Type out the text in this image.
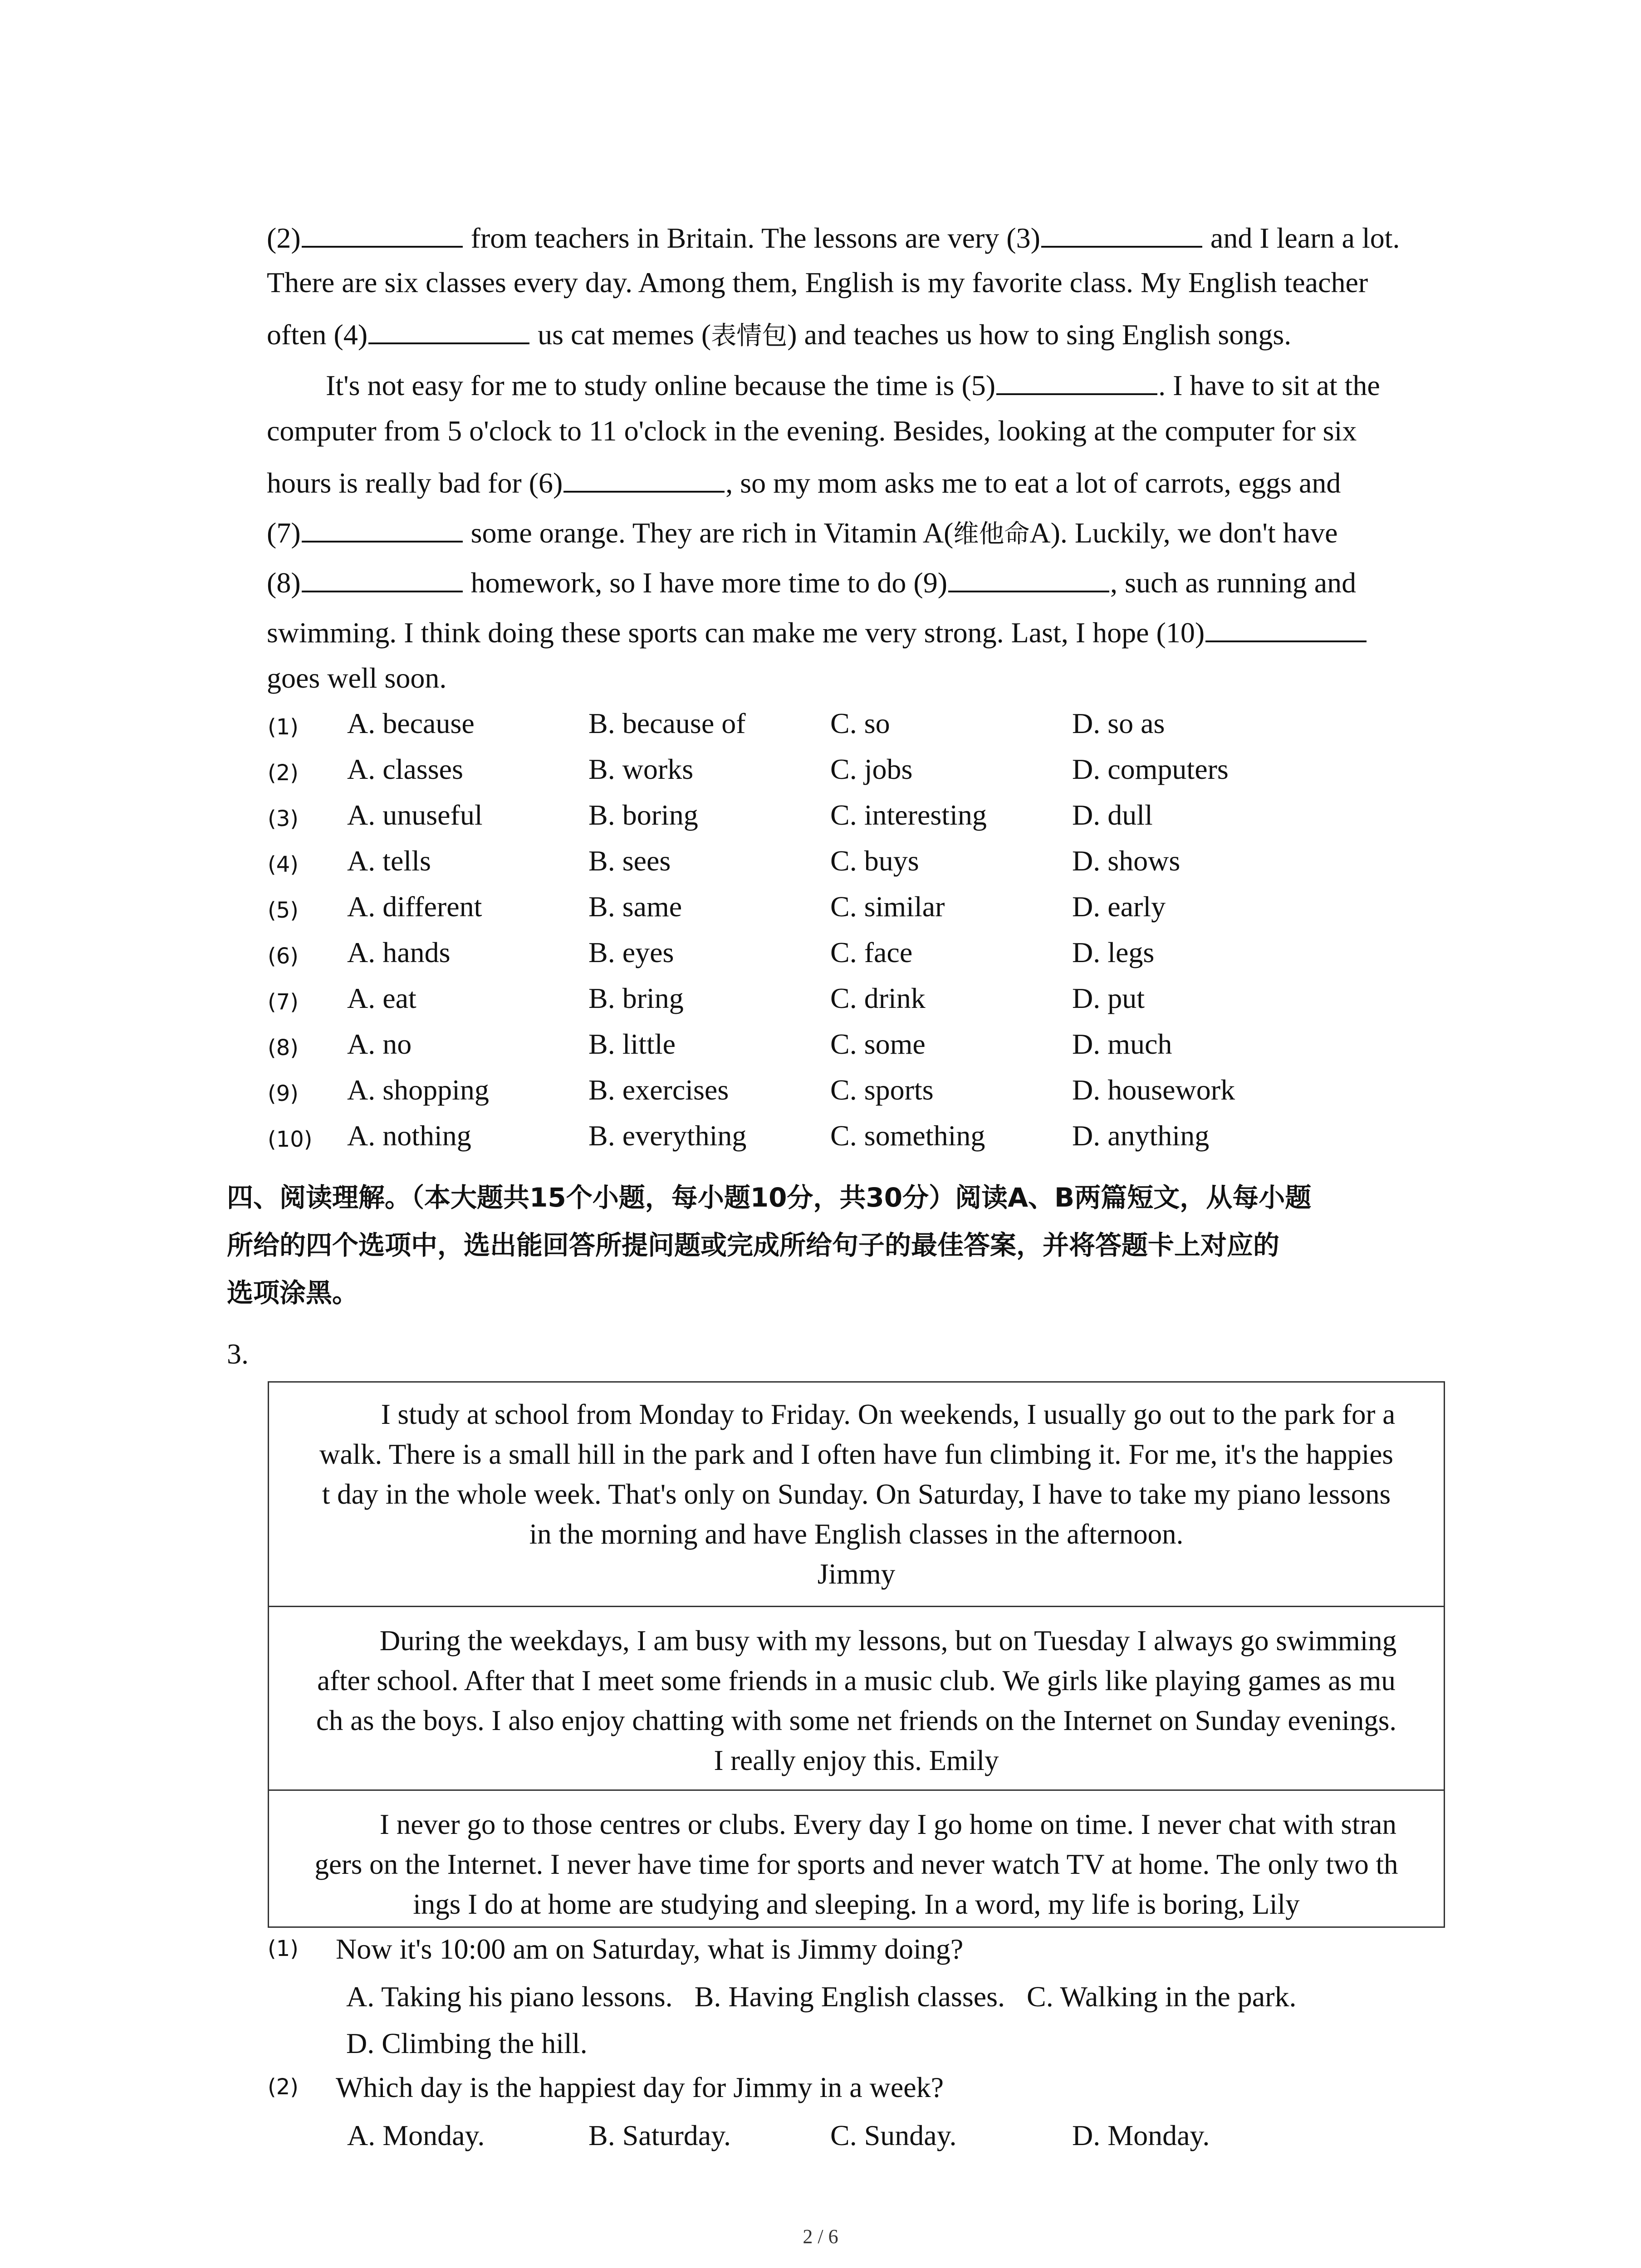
(2)	from teachers in Britain. The lessons are very (3)	and I learn a lot.
There are six classes every day. Among them, English is my favorite class. My English teacher
often (4)	us cat memes (表情包) and teaches us how to sing English songs.
It's not easy for me to study online because the time is (5)	. I have to sit at the
computer from 5 o'clock to 11 o'clock in the evening. Besides, looking at the computer for six
hours is really bad for (6)	, so my mom asks me to eat a lot of carrots, eggs and
(7)	some orange. They are rich in Vitamin A(维他命A). Luckily, we don't have
(8)	homework, so I have more time to do (9)	, such as running and
swimming. I think doing these sports can make me very strong. Last, I hope (10)
goes well soon.
(1) A. because	B. because of	C. so	D. so as
(2) A. classes	B. works	C. jobs	D. computers
(3) A. unuseful	B. boring	C. interesting	D. dull
(4) A. tells	B. sees	C. buys	D. shows
(5) A. different	B. same	C. similar	D. early
(6) A. hands	B. eyes	C. face	D. legs
(7) A. eat	B. bring	C. drink	D. put
(8) A. no	B. little	C. some	D. much
(9) A. shopping	B. exercises	C. sports	D. housework
(10) A. nothing	B. everything	C. something	D. anything
四、阅读理解。（本大题共15个小题，每小题10分，共30分）阅读A、B两篇短文，从每小题
所给的四个选项中，选出能回答所提问题或完成所给句子的最佳答案，并将答题卡上对应的
选项涂黑。
3.
I study at school from Monday to Friday. On weekends, I usually go out to the park for a
walk. There is a small hill in the park and I often have fun climbing it. For me, it's the happies
t day in the whole week. That's only on Sunday. On Saturday, I have to take my piano lessons
in the morning and have English classes in the afternoon.
Jimmy
During the weekdays, I am busy with my lessons, but on Tuesday I always go swimming
after school. After that I meet some friends in a music club. We girls like playing games as mu
ch as the boys. I also enjoy chatting with some net friends on the Internet on Sunday evenings.
I really enjoy this. Emily
I never go to those centres or clubs. Every day I go home on time. I never chat with stran
gers on the Internet. I never have time for sports and never watch TV at home. The only two th
ings I do at home are studying and sleeping. In a word, my life is boring, Lily
(1) Now it's 10:00 am on Saturday, what is Jimmy doing?
A. Taking his piano lessons.   B. Having English classes.   C. Walking in the park.
D. Climbing the hill.
(2) Which day is the happiest day for Jimmy in a week?
A. Monday.	B. Saturday.	C. Sunday.	D. Monday.
2 / 6
